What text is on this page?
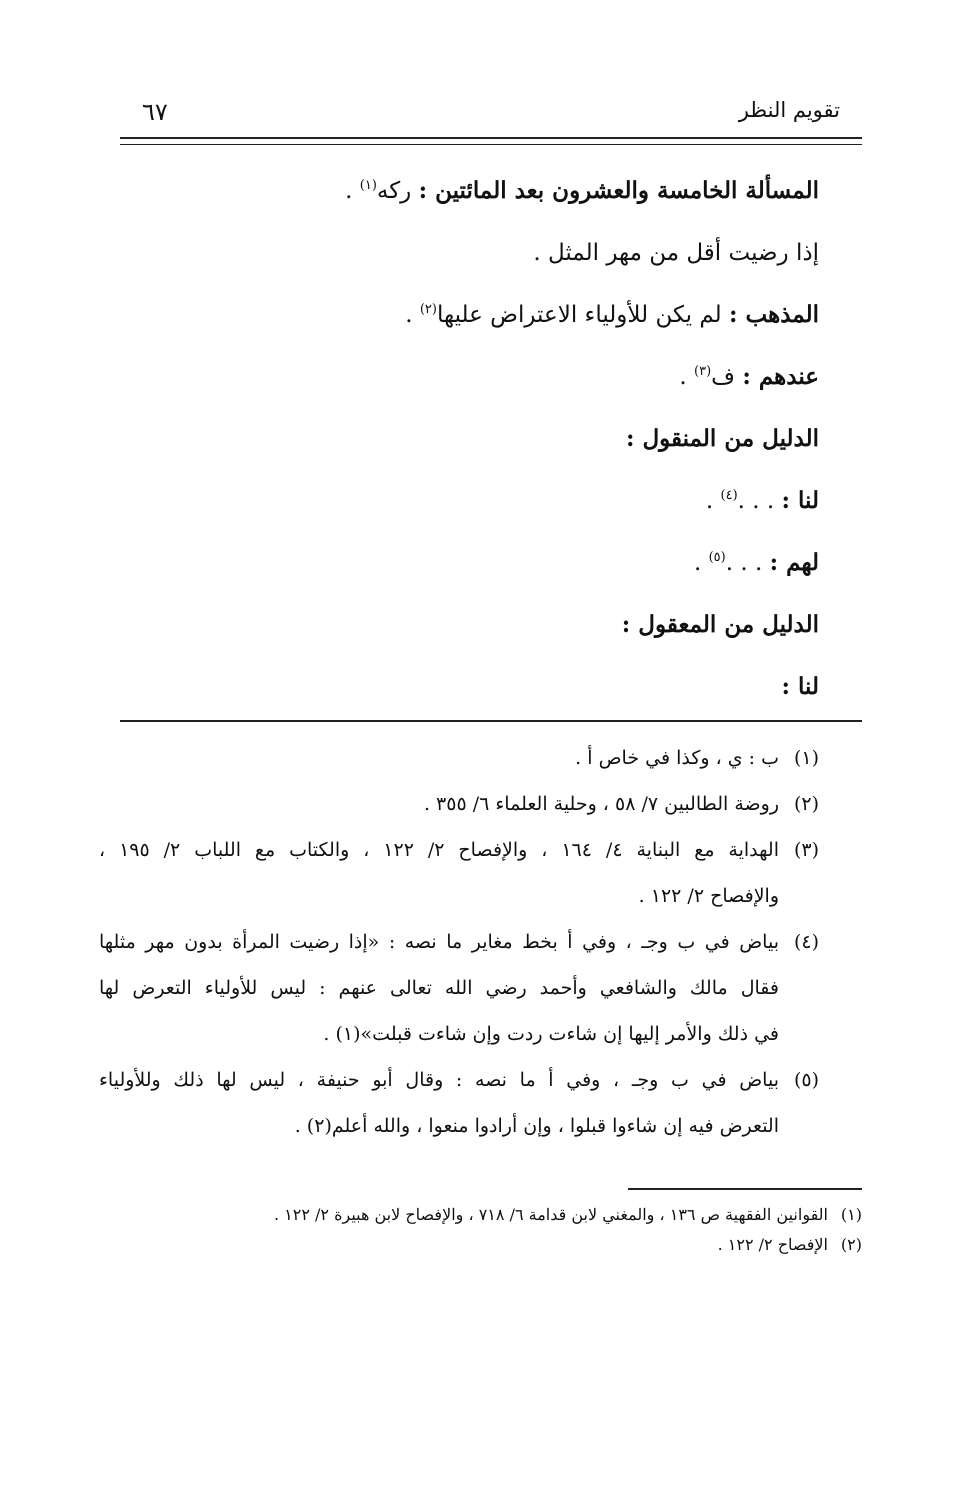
٦٧	تقويم النظر
المسألة الخامسة والعشرون بعد المائتين : ركه$^{(١)}$ .
إذا رضيت أقل من مهر المثل .
المذهب : لم يكن للأولياء الاعتراض عليها$^{(٢)}$ .
عندهم : ف$^{(٣)}$ .
الدليل من المنقول :
لنا : . . .$^{(٤)}$ .
لهم : . . .$^{(٥)}$ .
الدليل من المعقول :
لنا :
(١)
ب : ي ، وكذا في خاص أ .
(٢)
روضة الطالبين ٧/ ٥٨ ، وحلية العلماء ٦/ ٣٥٥ .
(٣)
الهداية مع البناية ٤/ ١٦٤ ، والإفصاح ٢/ ١٢٢ ، والكتاب مع اللباب ٢/ ١٩٥ ،
والإفصاح ٢/ ١٢٢ .
(٤)
بياض في ب وجـ ، وفي أ بخط مغاير ما نصه : «إذا رضيت المرأة بدون مهر مثلها
فقال مالك والشافعي وأحمد رضي الله تعالى عنهم : ليس للأولياء التعرض لها
في ذلك والأمر إليها إن شاءت ردت وإن شاءت قبلت»(١) .
(٥)
بياض في ب وجـ ، وفي أ ما نصه : وقال أبو حنيفة ، ليس لها ذلك وللأولياء
التعرض فيه إن شاءوا قبلوا ، وإن أرادوا منعوا ، والله أعلم(٢) .
(١)القوانين الفقهية ص ١٣٦ ، والمغني لابن قدامة ٦/ ٧١٨ ، والإفصاح لابن هبيرة ٢/ ١٢٢ .
(٢)الإفصاح ٢/ ١٢٢ .
